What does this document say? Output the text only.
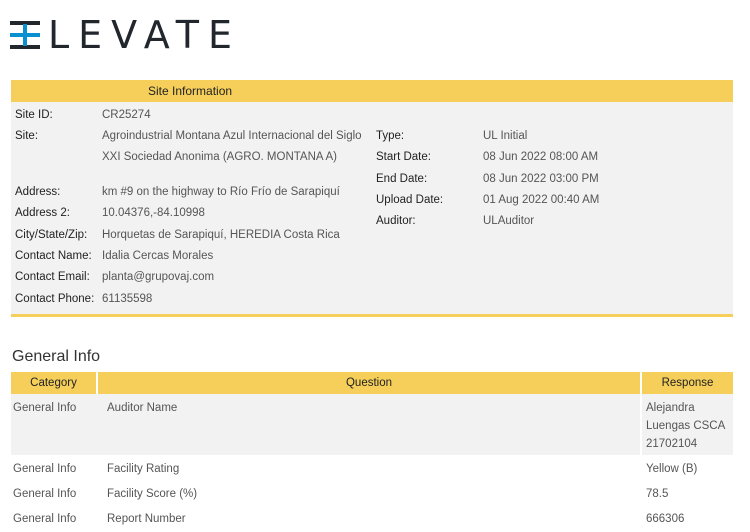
LEVATE
Site Information
Site ID:	CR25274
Site:	Agroindustrial Montana Azul Internacional del Siglo XXI Sociedad Anonima (AGRO. MONTANA A)
Address:	km #9 on the highway to Río Frío de Sarapiquí
Address 2:	10.04376,-84.10998
City/State/Zip: Horquetas de Sarapiquí, HEREDIA Costa Rica
Contact Name: Idalia Cercas Morales
Contact Email: planta@grupovaj.com
Contact Phone: 61135598
Type:	UL Initial
Start Date:	08 Jun 2022 08:00 AM
End Date:	08 Jun 2022 03:00 PM
Upload Date:	01 Aug 2022 00:40 AM
Auditor:	ULAuditor
General Info
Category	Question	Response
General Info	Auditor Name	Alejandra Luengas CSCA 21702104
General Info	Facility Rating	Yellow (B)
General Info	Facility Score (%)	78.5
General Info	Report Number	666306
